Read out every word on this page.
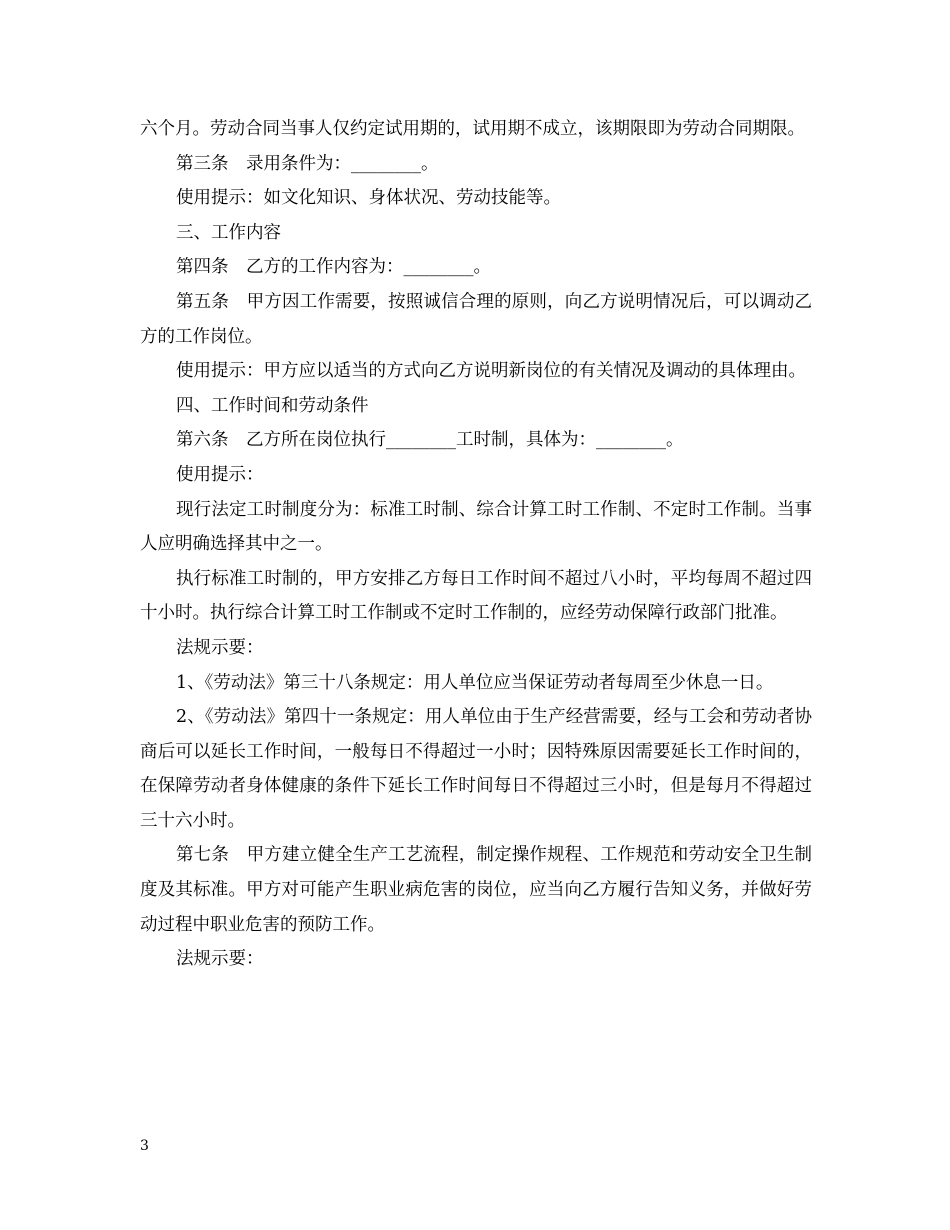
六个月。劳动合同当事人仅约定试用期的，试用期不成立，该期限即为劳动合同期限。

第三条　录用条件为：________。

使用提示：如文化知识、身体状况、劳动技能等。

三、工作内容

第四条　乙方的工作内容为：________。

第五条　甲方因工作需要，按照诚信合理的原则，向乙方说明情况后，可以调动乙方的工作岗位。

使用提示：甲方应以适当的方式向乙方说明新岗位的有关情况及调动的具体理由。

四、工作时间和劳动条件

第六条　乙方所在岗位执行________工时制，具体为：________。

使用提示：

现行法定工时制度分为：标准工时制、综合计算工时工作制、不定时工作制。当事人应明确选择其中之一。

执行标准工时制的，甲方安排乙方每日工作时间不超过八小时，平均每周不超过四十小时。执行综合计算工时工作制或不定时工作制的，应经劳动保障行政部门批准。

法规示要：

1、《劳动法》第三十八条规定：用人单位应当保证劳动者每周至少休息一日。

2、《劳动法》第四十一条规定：用人单位由于生产经营需要，经与工会和劳动者协商后可以延长工作时间，一般每日不得超过一小时；因特殊原因需要延长工作时间的，在保障劳动者身体健康的条件下延长工作时间每日不得超过三小时，但是每月不得超过三十六小时。

第七条　甲方建立健全生产工艺流程，制定操作规程、工作规范和劳动安全卫生制度及其标准。甲方对可能产生职业病危害的岗位，应当向乙方履行告知义务，并做好劳动过程中职业危害的预防工作。

法规示要：

3
